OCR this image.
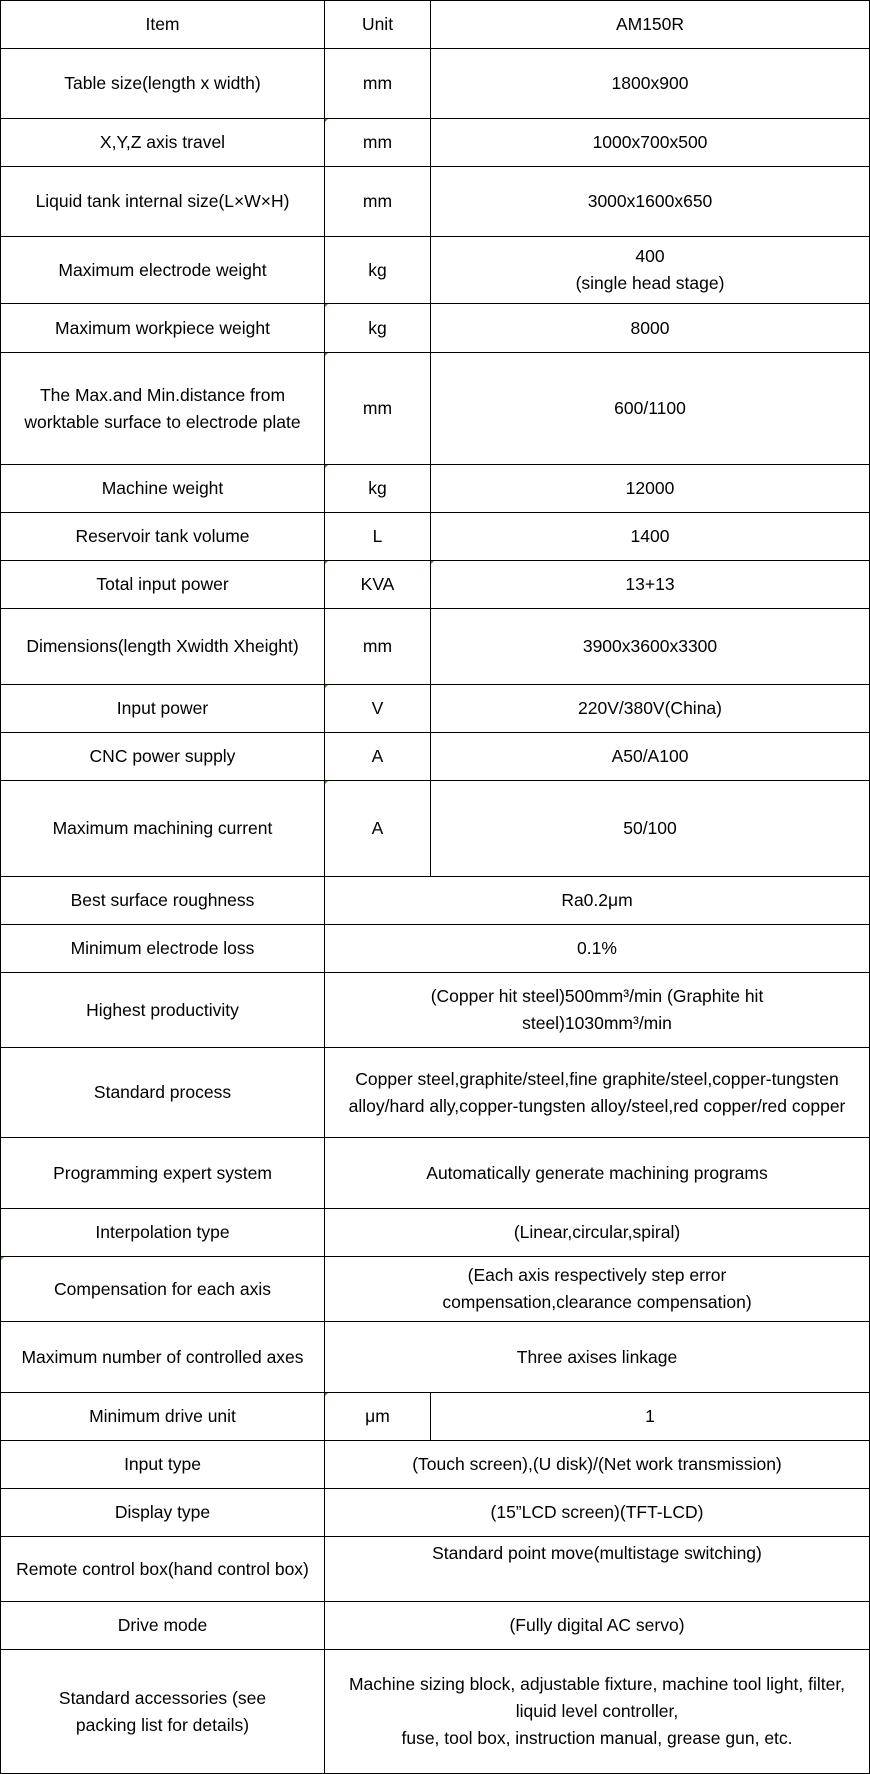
Item	Unit	AM150R
Table size(length x width)	mm	1800x900
X,Y,Z axis travel	mm	1000x700x500
Liquid tank internal size(L×W×H)	mm	3000x1600x650
Maximum electrode weight	kg	400
(single head stage)

Maximum workpiece weight	kg	8000
The Max.and Min.distance from worktable surface to electrode plate	mm	600/1100
Machine weight	kg	12000
Reservoir tank volume	L	1400
Total input power	KVA	13+13
Dimensions(length Xwidth Xheight)	mm	3900x3600x3300
Input power	V	220V/380V(China)
CNC power supply	A	A50/A100
Maximum machining current	A	50/100
Best surface roughness	Ra0.2μm	
Minimum electrode loss	0.1%	
Highest productivity	(Copper hit steel)500mm³/min (Graphite hit steel)1030mm³/min	
Standard process	Copper steel,graphite/steel,fine graphite/steel,copper-tungsten alloy/hard ally,copper-tungsten alloy/steel,red copper/red copper	
Programming expert system	Automatically generate machining programs	
Interpolation type	(Linear,circular,spiral)	
Compensation for each axis	(Each axis respectively step error compensation,clearance compensation)	
Maximum number of controlled axes	Three axises linkage	
Minimum drive unit	μm	1
Input type	(Touch screen),(U disk)/(Net work transmission)	
Display type	(15”LCD screen)(TFT-LCD)	
Remote control box(hand control box)	Standard point move(multistage switching)	
Drive mode	(Fully digital AC servo)	
Standard accessories (see packing list for details)	Machine sizing block, adjustable fixture, machine tool light, filter, liquid level controller,
fuse, tool box, instruction manual, grease gun, etc.	
